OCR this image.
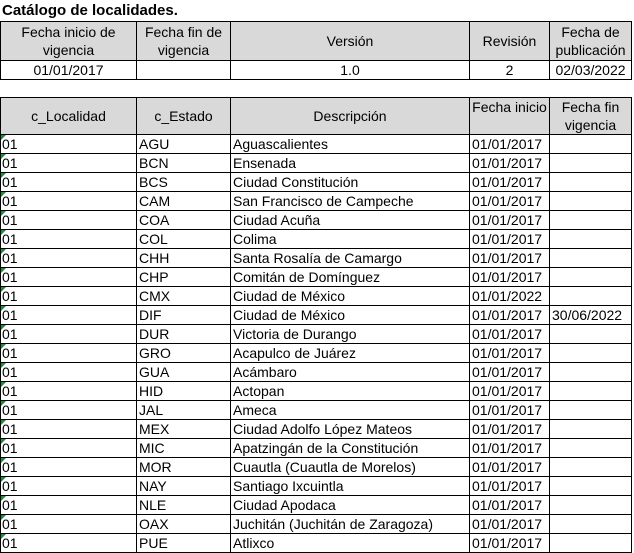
Catálogo de localidades.
Fecha inicio de vigencia	Fecha fin de vigencia	Versión	Revisión	Fecha de publicación
01/01/2017		1.0	2	02/03/2022
c_Localidad	c_Estado	Descripción	Fecha inicio	Fecha fin vigencia

01	AGU	Aguascalientes	01/01/2017	

01	BCN	Ensenada	01/01/2017	

01	BCS	Ciudad Constitución	01/01/2017	

01	CAM	San Francisco de Campeche	01/01/2017	

01	COA	Ciudad Acuña	01/01/2017	

01	COL	Colima	01/01/2017	

01	CHH	Santa Rosalía de Camargo	01/01/2017	

01	CHP	Comitán de Domínguez	01/01/2017	

01	CMX	Ciudad de México	01/01/2022	

01	DIF	Ciudad de México	01/01/2017	30/06/2022

01	DUR	Victoria de Durango	01/01/2017	

01	GRO	Acapulco de Juárez	01/01/2017	

01	GUA	Acámbaro	01/01/2017	

01	HID	Actopan	01/01/2017	

01	JAL	Ameca	01/01/2017	

01	MEX	Ciudad Adolfo López Mateos	01/01/2017	

01	MIC	Apatzingán de la Constitución	01/01/2017	

01	MOR	Cuautla (Cuautla de Morelos)	01/01/2017	

01	NAY	Santiago Ixcuintla	01/01/2017	

01	NLE	Ciudad Apodaca	01/01/2017	

01	OAX	Juchitán (Juchitán de Zaragoza)	01/01/2017	

01	PUE	Atlixco	01/01/2017	
